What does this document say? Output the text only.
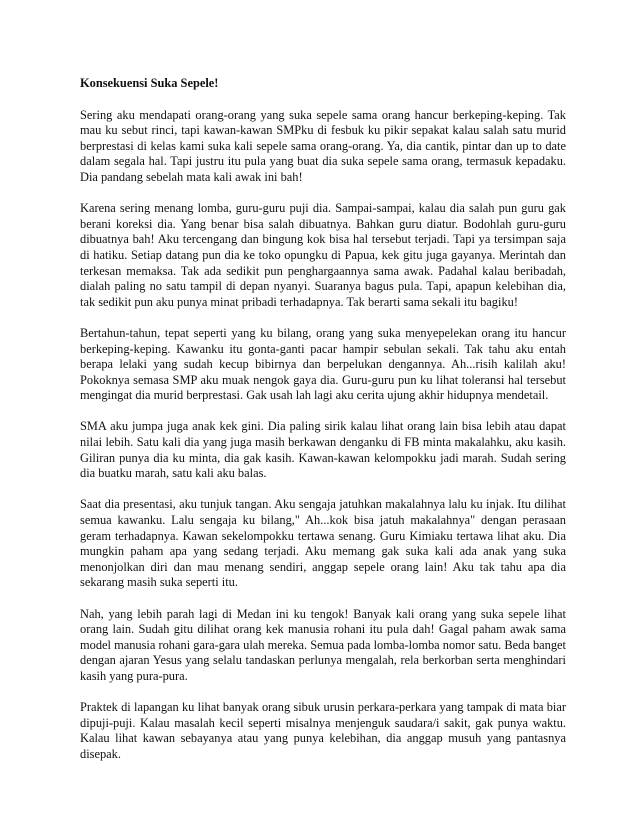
Konsekuensi Suka Sepele!

Sering aku mendapati orang-orang yang suka sepele sama orang hancur berkeping-keping. Tak mau ku sebut rinci, tapi kawan-kawan SMPku di fesbuk ku pikir sepakat kalau salah satu murid berprestasi di kelas kami suka kali sepele sama orang-orang. Ya, dia cantik, pintar dan up to date dalam segala hal. Tapi justru itu pula yang buat dia suka sepele sama orang, termasuk kepadaku. Dia pandang sebelah mata kali awak ini bah!

Karena sering menang lomba, guru-guru puji dia. Sampai-sampai, kalau dia salah pun guru gak berani koreksi dia. Yang benar bisa salah dibuatnya. Bahkan guru diatur. Bodohlah guru-guru dibuatnya bah! Aku tercengang dan bingung kok bisa hal tersebut terjadi. Tapi ya tersimpan saja di hatiku. Setiap datang pun dia ke toko opungku di Papua, kek gitu juga gayanya. Merintah dan terkesan memaksa. Tak ada sedikit pun penghargaannya sama awak. Padahal kalau beribadah, dialah paling no satu tampil di depan nyanyi. Suaranya bagus pula. Tapi, apapun kelebihan dia, tak sedikit pun aku punya minat pribadi terhadapnya. Tak berarti sama sekali itu bagiku!

Bertahun-tahun, tepat seperti yang ku bilang, orang yang suka menyepelekan orang itu hancur berkeping-keping. Kawanku itu gonta-ganti pacar hampir sebulan sekali. Tak tahu aku entah berapa lelaki yang sudah kecup bibirnya dan berpelukan dengannya. Ah...risih kalilah aku! Pokoknya semasa SMP aku muak nengok gaya dia. Guru-guru pun ku lihat toleransi hal tersebut mengingat dia murid berprestasi. Gak usah lah lagi aku cerita ujung akhir hidupnya mendetail.

SMA aku jumpa juga anak kek gini. Dia paling sirik kalau lihat orang lain bisa lebih atau dapat nilai lebih. Satu kali dia yang juga masih berkawan denganku di FB minta makalahku, aku kasih. Giliran punya dia ku minta, dia gak kasih. Kawan-kawan kelompokku jadi marah. Sudah sering dia buatku marah, satu kali aku balas.

Saat dia presentasi, aku tunjuk tangan. Aku sengaja jatuhkan makalahnya lalu ku injak. Itu dilihat semua kawanku. Lalu sengaja ku bilang," Ah...kok bisa jatuh makalahnya" dengan perasaan geram terhadapnya. Kawan sekelompokku tertawa senang. Guru Kimiaku tertawa lihat aku. Dia mungkin paham apa yang sedang terjadi. Aku memang gak suka kali ada anak yang suka menonjolkan diri dan mau menang sendiri, anggap sepele orang lain! Aku tak tahu apa dia sekarang masih suka seperti itu.

Nah, yang lebih parah lagi di Medan ini ku tengok! Banyak kali orang yang suka sepele lihat orang lain. Sudah gitu dilihat orang kek manusia rohani itu pula dah! Gagal paham awak sama model manusia rohani gara-gara ulah mereka. Semua pada lomba-lomba nomor satu. Beda banget dengan ajaran Yesus yang selalu tandaskan perlunya mengalah, rela berkorban serta menghindari kasih yang pura-pura.

Praktek di lapangan ku lihat banyak orang sibuk urusin perkara-perkara yang tampak di mata biar dipuji-puji. Kalau masalah kecil seperti misalnya menjenguk saudara/i sakit, gak punya waktu. Kalau lihat kawan sebayanya atau yang punya kelebihan, dia anggap musuh yang pantasnya disepak.
